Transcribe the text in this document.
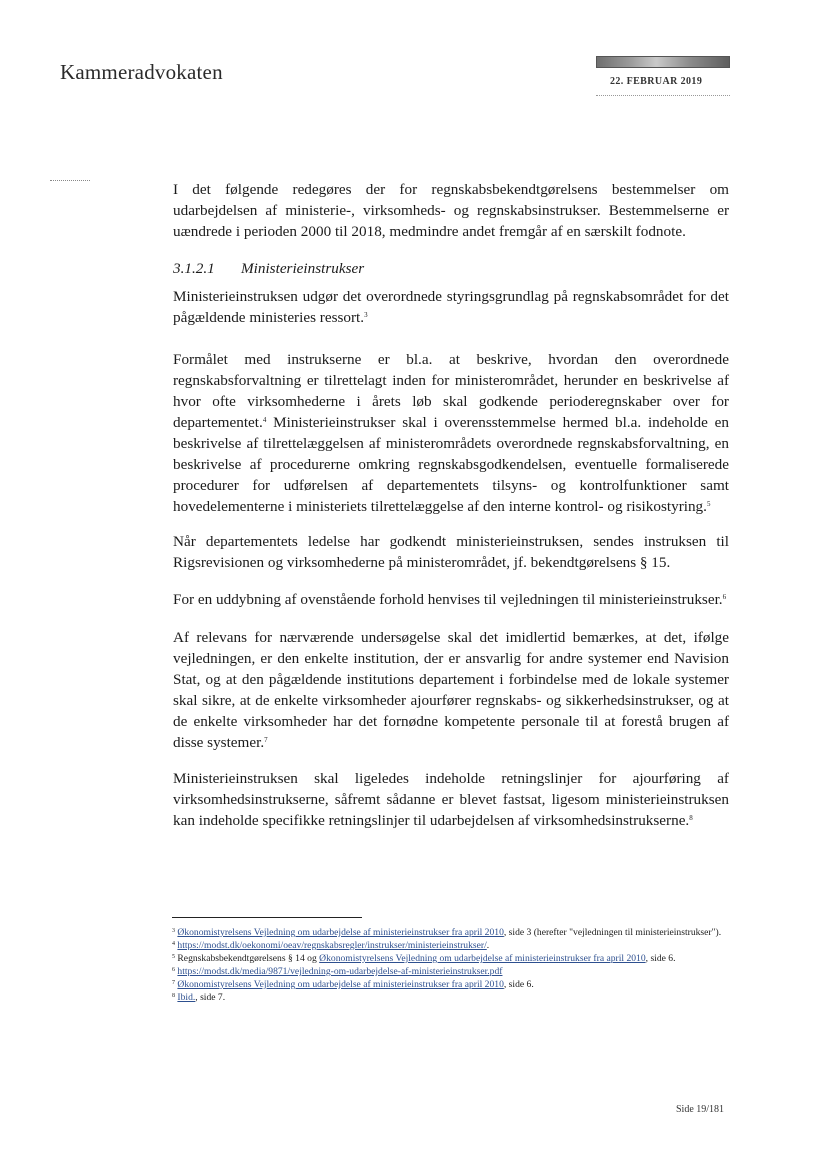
Kammeradvokaten	22. FEBRUAR 2019

I det følgende redegøres der for regnskabsbekendtgørelsens bestemmelser om udarbejdelsen af ministerie-, virksomheds- og regnskabsinstrukser. Bestemmelserne er uændrede i perioden 2000 til 2018, medmindre andet fremgår af en særskilt fodnote.

3.1.2.1 Ministerieinstrukser

Ministerieinstruksen udgør det overordnede styringsgrundlag på regnskabsområdet for det pågældende ministeries ressort.$^3$

Formålet med instrukserne er bl.a. at beskrive, hvordan den overordnede regnskabsforvaltning er tilrettelagt inden for ministerområdet, herunder en beskrivelse af hvor ofte virksomhederne i årets løb skal godkende perioderegnskaber over for departementet.$^4$ Ministerieinstrukser skal i overensstemmelse hermed bl.a. indeholde en beskrivelse af tilrettelæggelsen af ministerområdets overordnede regnskabsforvaltning, en beskrivelse af procedurerne omkring regnskabsgodkendelsen, eventuelle formaliserede procedurer for udførelsen af departementets tilsyns- og kontrolfunktioner samt hovedelementerne i ministeriets tilrettelæggelse af den interne kontrol- og risikostyring.$^5$

Når departementets ledelse har godkendt ministerieinstruksen, sendes instruksen til Rigsrevisionen og virksomhederne på ministerområdet, jf. bekendtgørelsens § 15.

For en uddybning af ovenstående forhold henvises til vejledningen til ministerieinstrukser.$^6$

Af relevans for nærværende undersøgelse skal det imidlertid bemærkes, at det, ifølge vejledningen, er den enkelte institution, der er ansvarlig for andre systemer end Navision Stat, og at den pågældende institutions departement i forbindelse med de lokale systemer skal sikre, at de enkelte virksomheder ajourfører regnskabs- og sikkerhedsinstrukser, og at de enkelte virksomheder har det fornødne kompetente personale til at forestå brugen af disse systemer.$^7$

Ministerieinstruksen skal ligeledes indeholde retningslinjer for ajourføring af virksomhedsinstrukserne, såfremt sådanne er blevet fastsat, ligesom ministerieinstruksen kan indeholde specifikke retningslinjer til udarbejdelsen af virksomhedsinstrukserne.$^8$

$^3$ Økonomistyrelsens Vejledning om udarbejdelse af ministerieinstrukser fra april 2010, side 3 (herefter "vejledningen til ministerieinstrukser").

$^4$ https://modst.dk/oekonomi/oeav/regnskabsregler/instrukser/ministerieinstrukser/.

$^5$ Regnskabsbekendtgørelsens § 14 og Økonomistyrelsens Vejledning om udarbejdelse af ministerieinstrukser fra april 2010, side 6.

$^6$ https://modst.dk/media/9871/vejledning-om-udarbejdelse-af-ministerieinstrukser.pdf

$^7$ Økonomistyrelsens Vejledning om udarbejdelse af ministerieinstrukser fra april 2010, side 6.

$^8$ Ibid., side 7.

Side 19/181
